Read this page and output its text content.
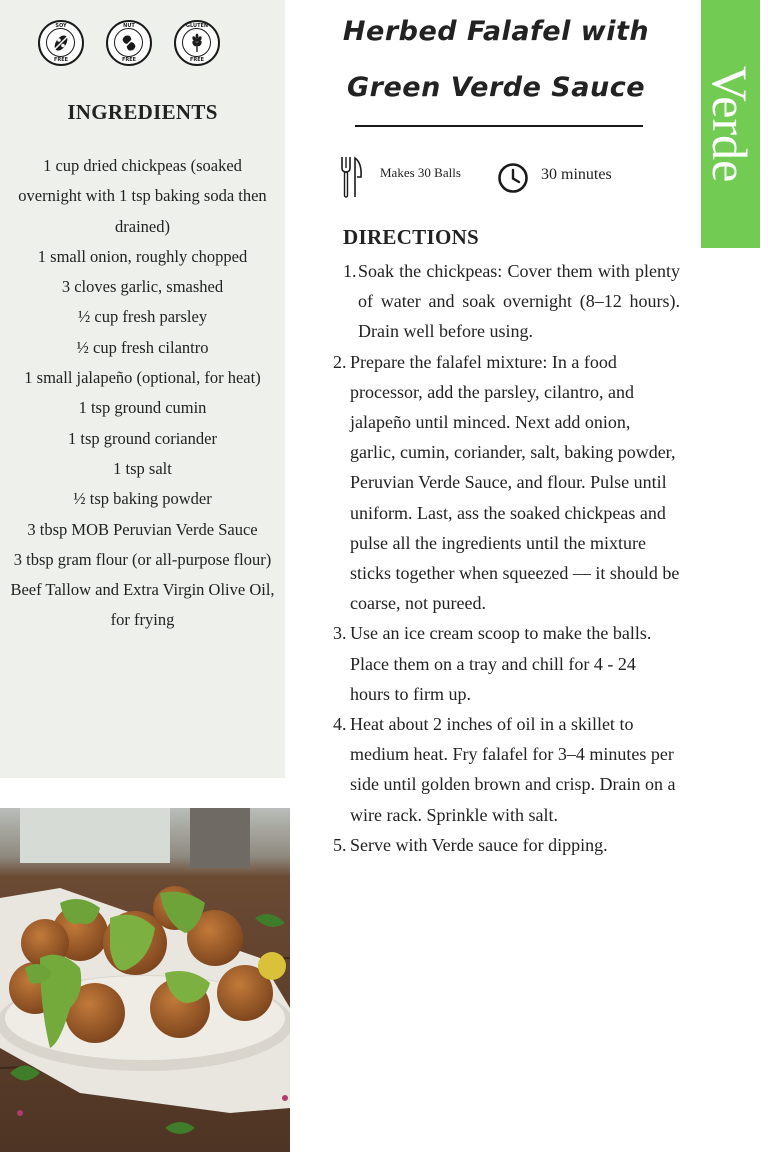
SOY
FREE
NUT
FREE
GLUTEN
FREE
INGREDIENTS
1 cup dried chickpeas (soaked overnight with 1 tsp baking soda then drained)
1 small onion, roughly chopped
3 cloves garlic, smashed
½ cup fresh parsley
½ cup fresh cilantro
1 small jalapeño (optional, for heat)
1 tsp ground cumin
1 tsp ground coriander
1 tsp salt
½ tsp baking powder
3 tbsp MOB Peruvian Verde Sauce
3 tbsp gram flour (or all-purpose flour)
Beef Tallow and Extra Virgin Olive Oil, for frying
Herbed Falafel with
Green Verde Sauce	Verde
Makes 30 Balls	30 minutes
DIRECTIONS
1. Soak the chickpeas: Cover them with plenty of water and soak overnight (8–12 hours). Drain well before using.
2. Prepare the falafel mixture: In a food processor, add the parsley, cilantro, and jalapeño until minced. Next add onion, garlic, cumin, coriander, salt, baking powder, Peruvian Verde Sauce, and flour. Pulse until uniform. Last, ass the soaked chickpeas and pulse all the ingredients until the mixture sticks together when squeezed — it should be coarse, not pureed.
3. Use an ice cream scoop to make the balls. Place them on a tray and chill for 4 - 24 hours to firm up.
4. Heat about 2 inches of oil in a skillet to medium heat. Fry falafel for 3–4 minutes per side until golden brown and crisp. Drain on a wire rack. Sprinkle with salt.
5. Serve with Verde sauce for dipping.
